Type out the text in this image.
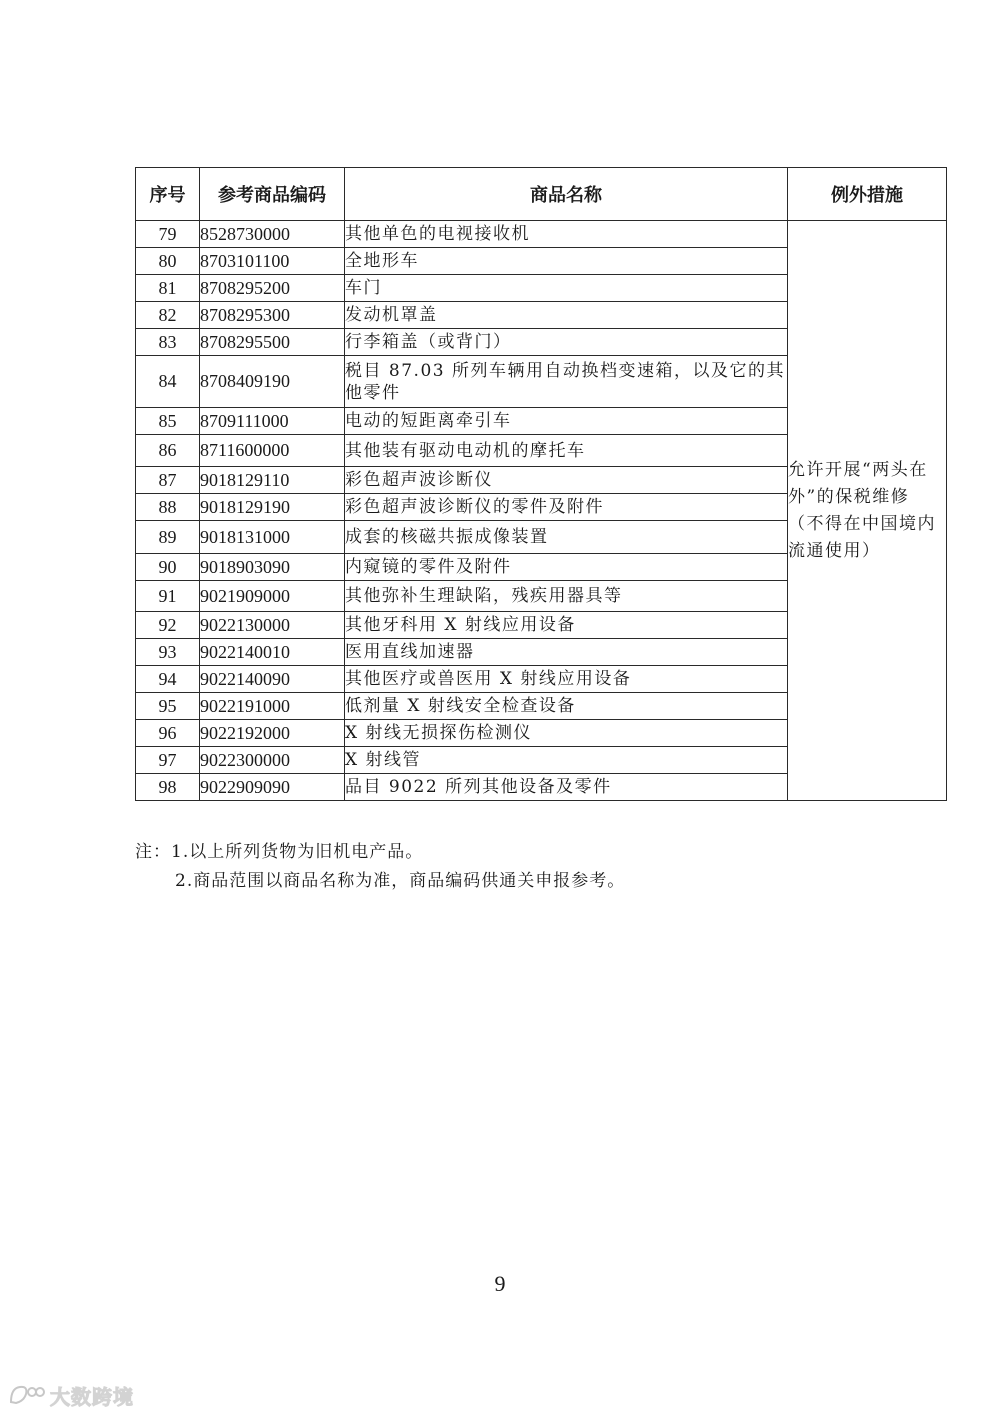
序号	参考商品编码	商品名称	例外措施
79	8528730000	其他单色的电视接收机	允许开展“两头在外”的保税维修（不得在中国境内流通使用）
80	8703101100	全地形车	
81	8708295200	车门	
82	8708295300	发动机罩盖	
83	8708295500	行李箱盖（或背门）	
84	8708409190	税目 87.03 所列车辆用自动换档变速箱，以及它的其他零件	
85	8709111000	电动的短距离牵引车	
86	8711600000	其他装有驱动电动机的摩托车	
87	9018129110	彩色超声波诊断仪	
88	9018129190	彩色超声波诊断仪的零件及附件	
89	9018131000	成套的核磁共振成像装置	
90	9018903090	内窥镜的零件及附件	
91	9021909000	其他弥补生理缺陷，残疾用器具等	
92	9022130000	其他牙科用 X 射线应用设备	
93	9022140010	医用直线加速器	
94	9022140090	其他医疗或兽医用 X 射线应用设备	
95	9022191000	低剂量 X 射线安全检查设备	
96	9022192000	X 射线无损探伤检测仪	
97	9022300000	X 射线管	
98	9022909090	品目 9022 所列其他设备及零件	
注：1.以上所列货物为旧机电产品。
2.商品范围以商品名称为准，商品编码供通关申报参考。
9
大数跨境
